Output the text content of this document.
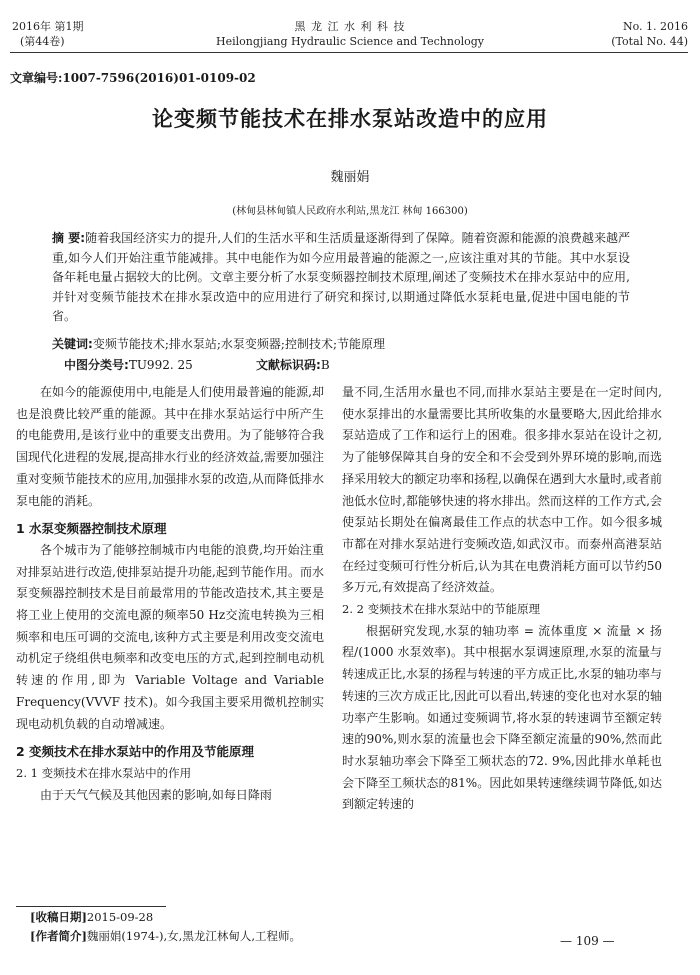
2016年 第1期
(第44卷)
黑 龙 江 水 利 科 技
Heilongjiang Hydraulic Science and Technology
No. 1. 2016
(Total No. 44)
文章编号:1007-7596(2016)01-0109-02
论变频节能技术在排水泵站改造中的应用
魏丽娟
(林甸县林甸镇人民政府水利站,黑龙江 林甸 166300)
摘 要:随着我国经济实力的提升,人们的生活水平和生活质量逐渐得到了保障。随着资源和能源的浪费越来越严重,如今人们开始注重节能减排。其中电能作为如今应用最普遍的能源之一,应该注重对其的节能。其中水泵设备年耗电量占据较大的比例。文章主要分析了水泵变频器控制技术原理,阐述了变频技术在排水泵站中的应用,并针对变频节能技术在排水泵改造中的应用进行了研究和探讨,以期通过降低水泵耗电量,促进中国电能的节省。
关键词:变频节能技术;排水泵站;水泵变频器;控制技术;节能原理
中图分类号:TU992. 25	文献标识码:B

在如今的能源使用中,电能是人们使用最普遍的能源,却也是浪费比较严重的能源。其中在排水泵站运行中所产生的电能费用,是该行业中的重要支出费用。为了能够符合我国现代化进程的发展,提高排水行业的经济效益,需要加强注重对变频节能技术的应用,加强排水泵的改造,从而降低排水泵电能的消耗。

1 水泵变频器控制技术原理

各个城市为了能够控制城市内电能的浪费,均开始注重对排泵站进行改造,使排泵站提升功能,起到节能作用。而水泵变频器控制技术是目前最常用的节能改造技术,其主要是将工业上使用的交流电源的频率50 Hz交流电转换为三相频率和电压可调的交流电,该种方式主要是利用改变交流电动机定子绕组供电频率和改变电压的方式,起到控制电动机转速的作用,即为 Variable Voltage and Variable Frequency(VVVF 技术)。如今我国主要采用微机控制实现电动机负载的自动增减速。

2 变频技术在排水泵站中的作用及节能原理
2. 1 变频技术在排水泵站中的作用

由于天气气候及其他因素的影响,如每日降雨

量不同,生活用水量也不同,而排水泵站主要是在一定时间内,使水泵排出的水量需要比其所收集的水量要略大,因此给排水泵站造成了工作和运行上的困难。很多排水泵站在设计之初,为了能够保障其自身的安全和不会受到外界环境的影响,而选择采用较大的额定功率和扬程,以确保在遇到大水量时,或者前池低水位时,都能够快速的将水排出。然而这样的工作方式,会使泵站长期处在偏离最佳工作点的状态中工作。如今很多城市都在对排水泵站进行变频改造,如武汉市。而泰州高港泵站在经过变频可行性分析后,认为其在电费消耗方面可以节约50 多万元,有效提高了经济效益。

2. 2 变频技术在排水泵站中的节能原理

根据研究发现,水泵的轴功率 = 流体重度 × 流量 × 扬程/(1000 水泵效率)。其中根据水泵调速原理,水泵的流量与转速成正比,水泵的扬程与转速的平方成正比,水泵的轴功率与转速的三次方成正比,因此可以看出,转速的变化也对水泵的轴功率产生影响。如通过变频调节,将水泵的转速调节至额定转速的90%,则水泵的流量也会下降至额定流量的90%,然而此时水泵轴功率会下降至工频状态的72. 9%,因此排水单耗也会下降至工频状态的81%。因此如果转速继续调节降低,如达到额定转速的

[收稿日期]2015-09-28
[作者简介]魏丽娟(1974-),女,黑龙江林甸人,工程师。	— 109 —
